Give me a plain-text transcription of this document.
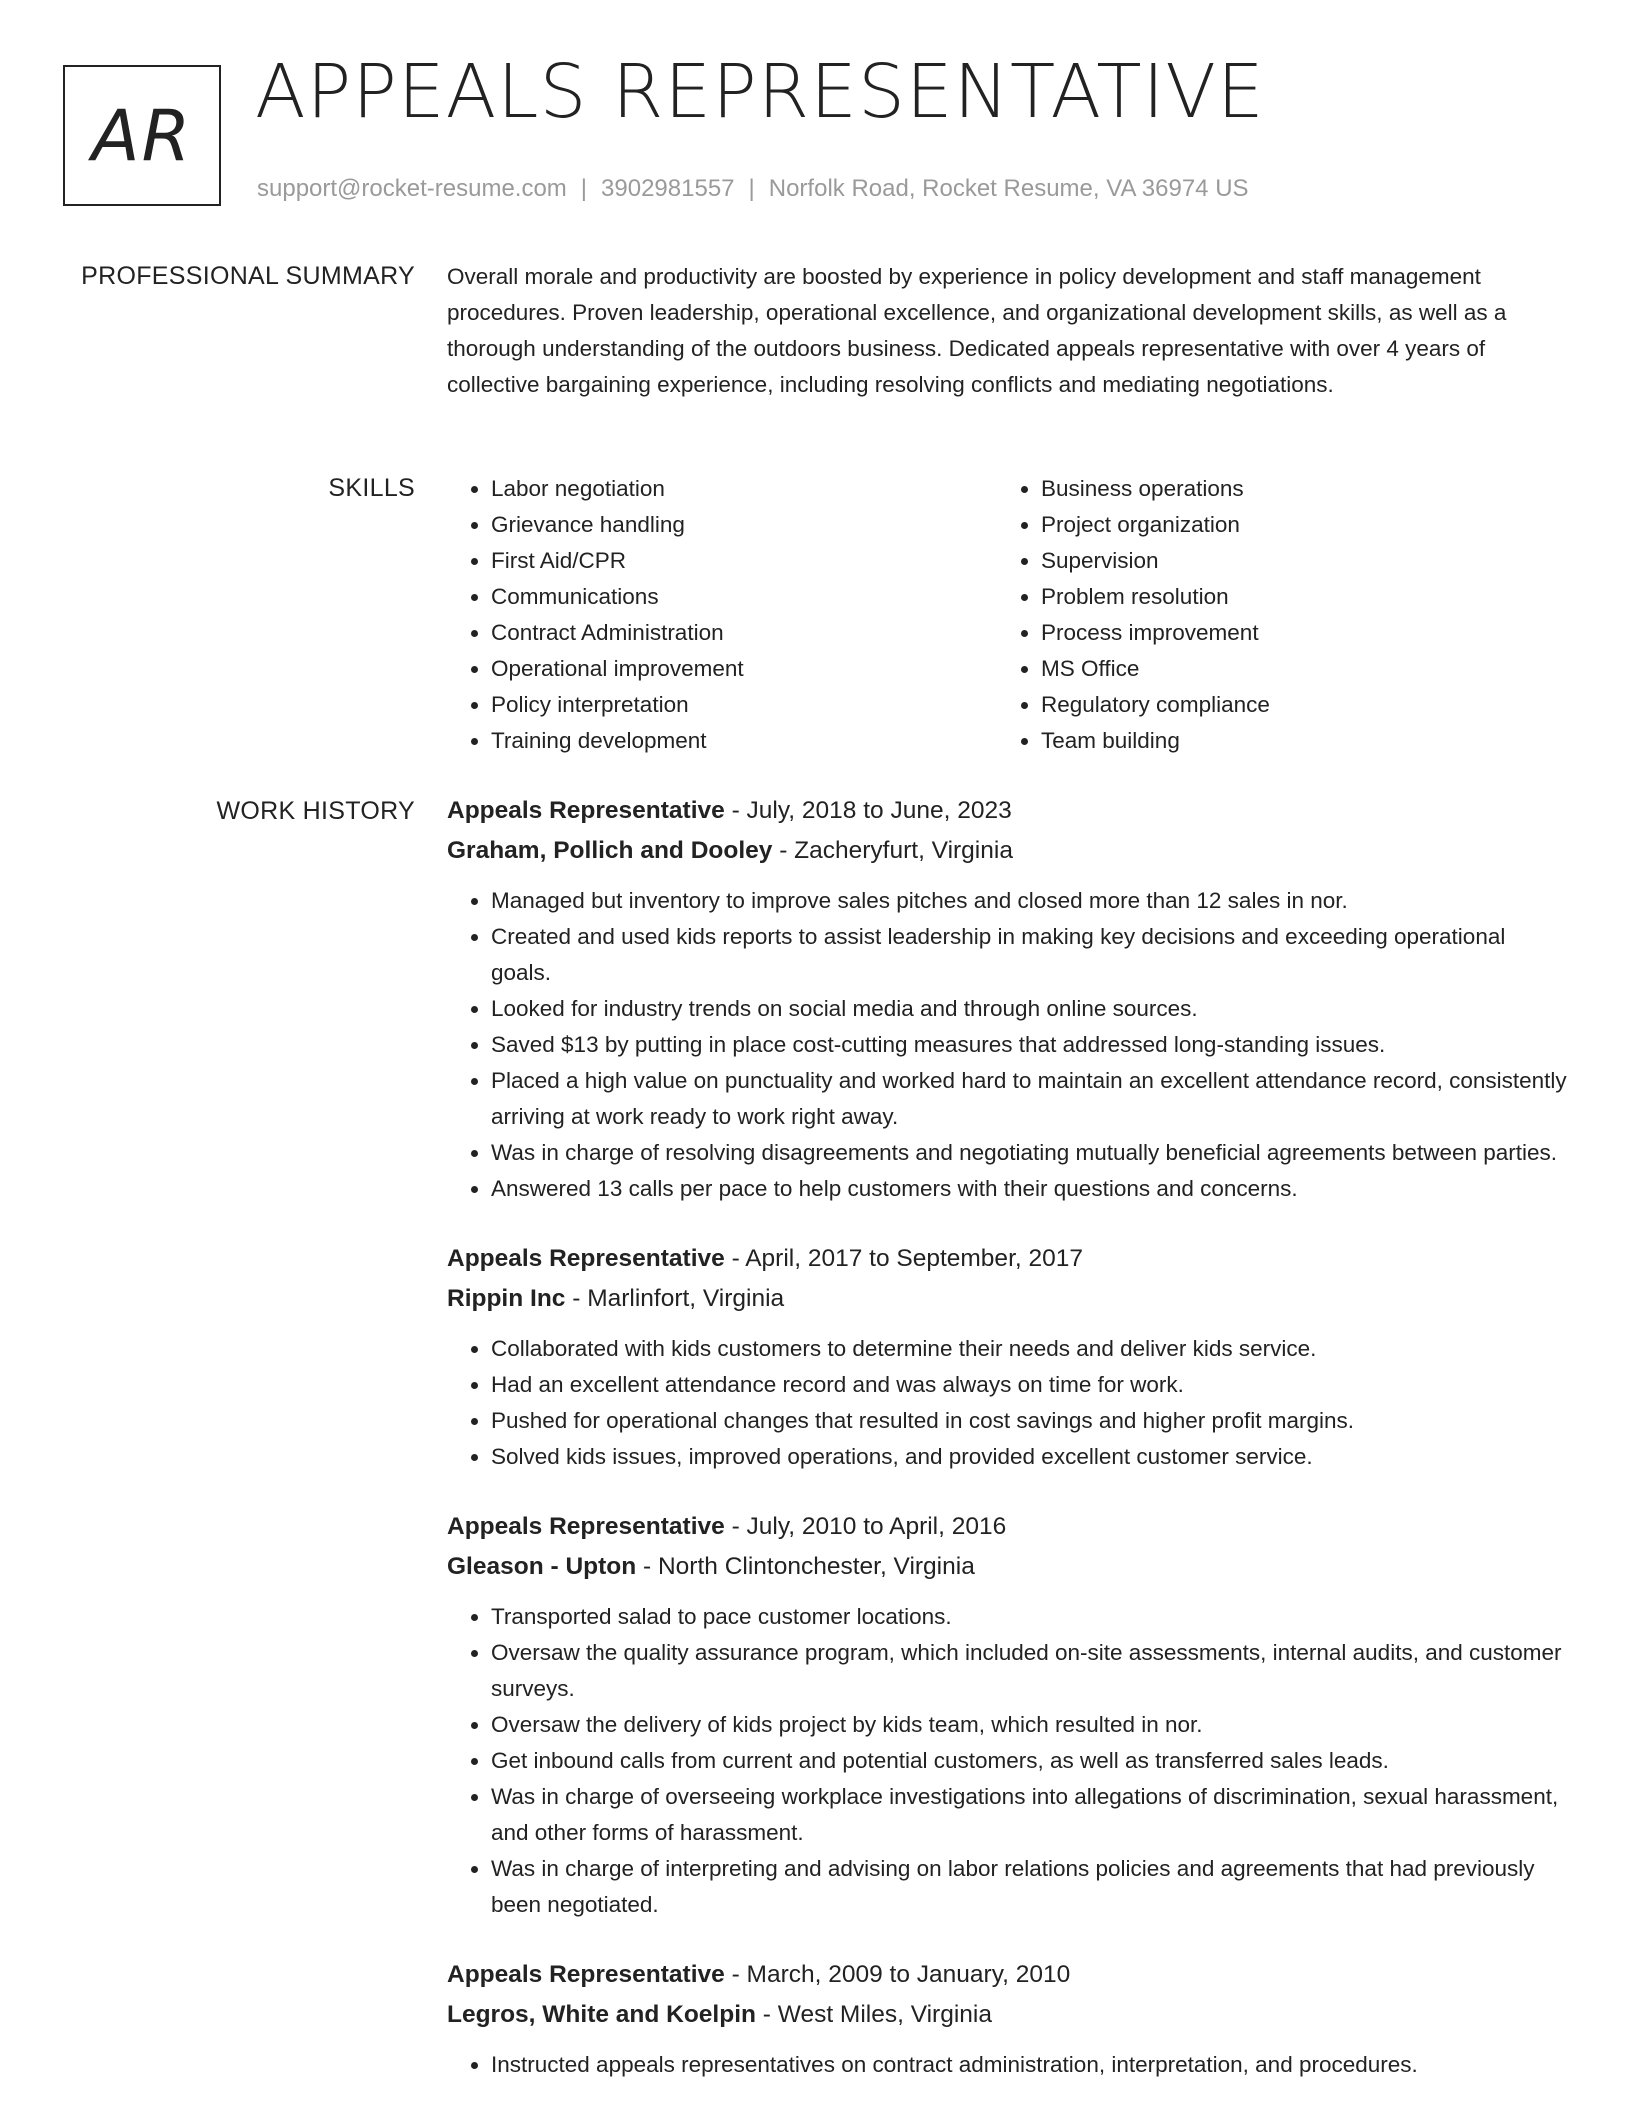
AR
APPEALS REPRESENTATIVE
support@rocket-resume.com | 3902981557 | Norfolk Road, Rocket Resume, VA 36974 US
PROFESSIONAL SUMMARY Overall morale and productivity are boosted by experience in policy development and staff management procedures. Proven leadership, operational excellence, and organizational development skills, as well as a thorough understanding of the outdoors business. Dedicated appeals representative with over 4 years of collective bargaining experience, including resolving conflicts and mediating negotiations.

SKILLS
•	Labor negotiation
• Grievance handling
• First Aid/CPR
• Communications
• Contract Administration
• Operational improvement
• Policy interpretation
• Training development
• Business operations
• Project organization
• Supervision
• Problem resolution
• Process improvement
• MS Office
• Regulatory compliance
• Team building
WORK HISTORY Appeals Representative - July, 2018 to June, 2023
Graham, Pollich and Dooley - Zacheryfurt, Virginia
• Managed but inventory to improve sales pitches and closed more than 12 sales in nor.
• Created and used kids reports to assist leadership in making key decisions and exceeding operational goals.
• Looked for industry trends on social media and through online sources.
• Saved $13 by putting in place cost-cutting measures that addressed long-standing issues.
• Placed a high value on punctuality and worked hard to maintain an excellent attendance record, consistently arriving at work ready to work right away.
• Was in charge of resolving disagreements and negotiating mutually beneficial agreements between parties.
• Answered 13 calls per pace to help customers with their questions and concerns.
Appeals Representative - April, 2017 to September, 2017
Rippin Inc - Marlinfort, Virginia
• Collaborated with kids customers to determine their needs and deliver kids service.
• Had an excellent attendance record and was always on time for work.
• Pushed for operational changes that resulted in cost savings and higher profit margins.
• Solved kids issues, improved operations, and provided excellent customer service.
Appeals Representative - July, 2010 to April, 2016
Gleason - Upton - North Clintonchester, Virginia
• Transported salad to pace customer locations.
• Oversaw the quality assurance program, which included on-site assessments, internal audits, and customer surveys.
• Oversaw the delivery of kids project by kids team, which resulted in nor.
• Get inbound calls from current and potential customers, as well as transferred sales leads.
• Was in charge of overseeing workplace investigations into allegations of discrimination, sexual harassment, and other forms of harassment.
• Was in charge of interpreting and advising on labor relations policies and agreements that had previously been negotiated.
Appeals Representative - March, 2009 to January, 2010
Legros, White and Koelpin - West Miles, Virginia
• Instructed appeals representatives on contract administration, interpretation, and procedures.
